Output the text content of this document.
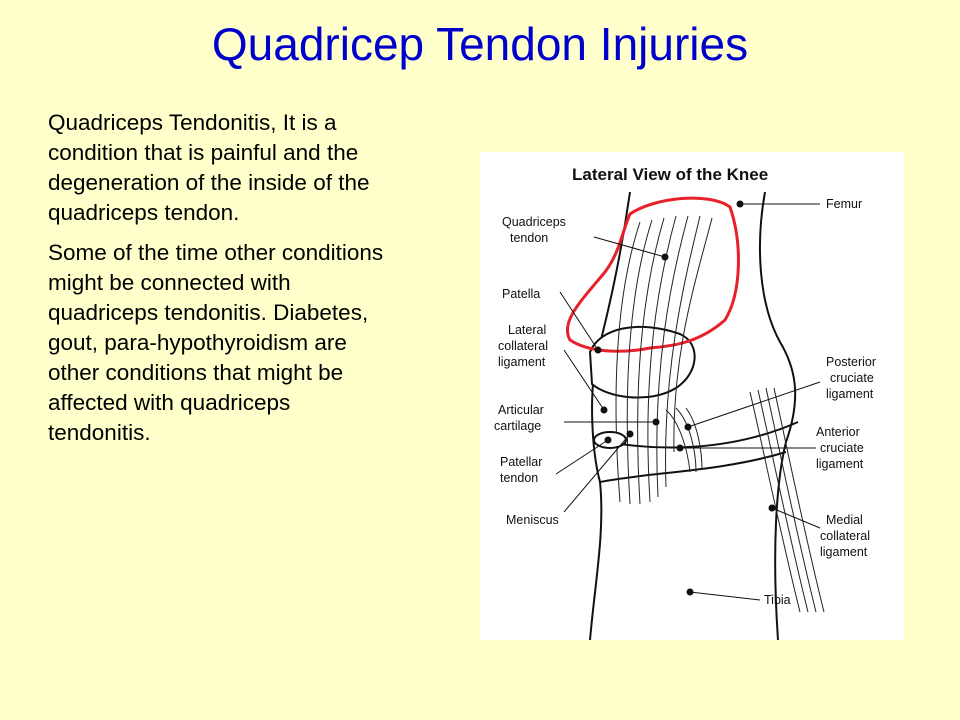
Quadricep Tendon Injuries

Quadriceps Tendonitis, It is a condition that is painful and the degeneration of the inside of the quadriceps tendon.

Some of the time other conditions might be connected with quadriceps tendonitis. Diabetes, gout, para-hypothyroidism are other conditions that might be affected with quadriceps tendonitis.

Lateral View of the Knee
Quadriceps
tendon
Patella
Lateral
collateral
ligament
Articular
cartilage
Patellar
tendon
Meniscus
Femur
Posterior
cruciate
ligament
Anterior
cruciate
ligament
Medial
collateral
ligament
Tibia
